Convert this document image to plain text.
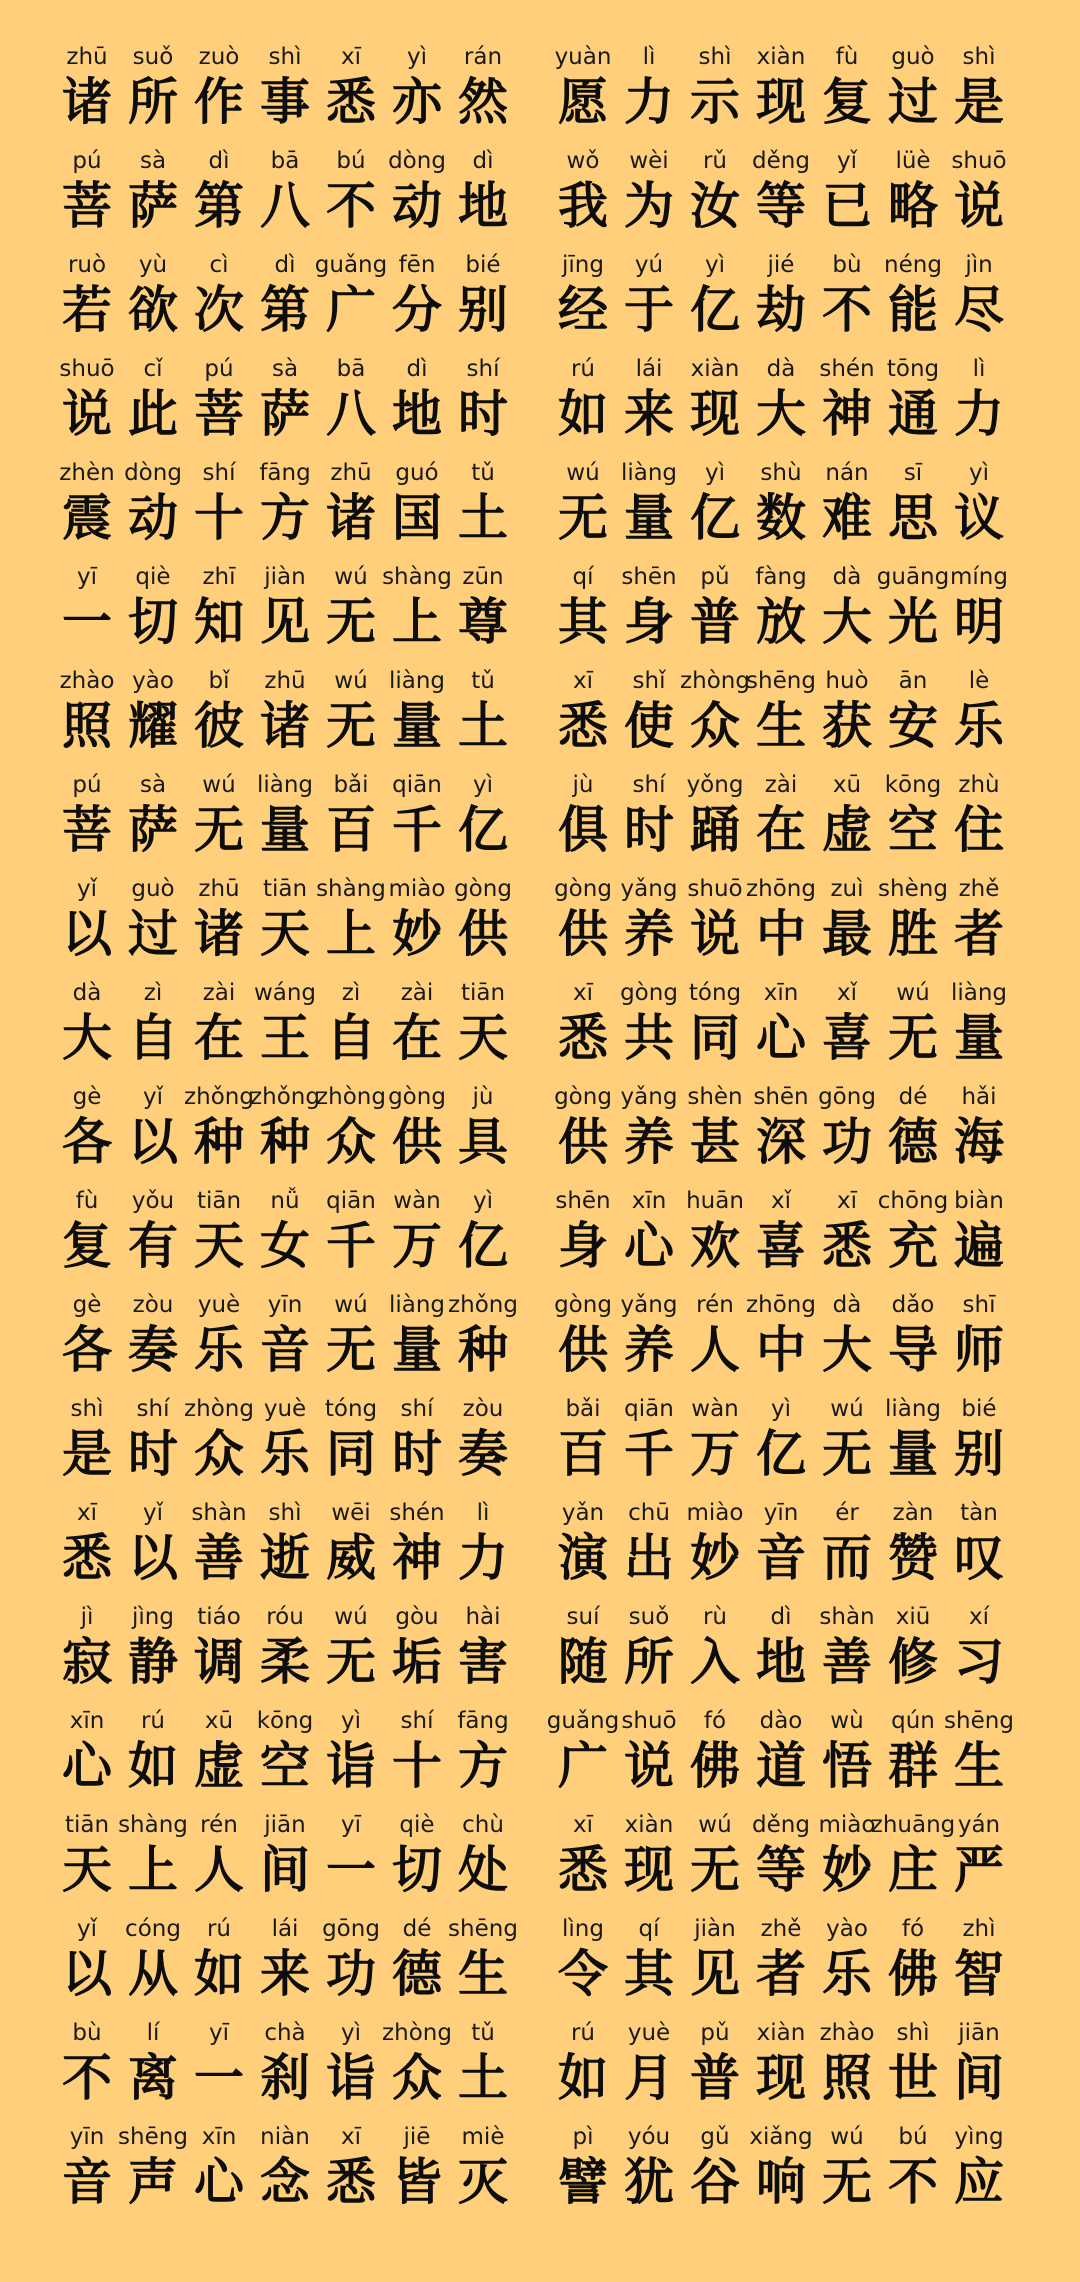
zhū
诸
suǒ
所
zuò
作
shì
事
xī
悉
yì
亦
rán
然
yuàn
愿
lì
力
shì
示
xiàn
现
fù
复
guò
过
shì
是
pú
菩
sà
萨
dì
第
bā
八
bú
不
dòng
动
dì
地
wǒ
我
wèi
为
rǔ
汝
děng
等
yǐ
已
lüè
略
shuō
说
ruò
若
yù
欲
cì
次
dì
第
guǎng
广
fēn
分
bié
别
jīng
经
yú
于
yì
亿
jié
劫
bù
不
néng
能
jìn
尽
shuō
说
cǐ
此
pú
菩
sà
萨
bā
八
dì
地
shí
时
rú
如
lái
来
xiàn
现
dà
大
shén
神
tōng
通
lì
力
zhèn
震
dòng
动
shí
十
fāng
方
zhū
诸
guó
国
tǔ
土
wú
无
liàng
量
yì
亿
shù
数
nán
难
sī
思
yì
议
yī
一
qiè
切
zhī
知
jiàn
见
wú
无
shàng
上
zūn
尊
qí
其
shēn
身
pǔ
普
fàng
放
dà
大
guāng
光
míng
明
zhào
照
yào
耀
bǐ
彼
zhū
诸
wú
无
liàng
量
tǔ
土
xī
悉
shǐ
使
zhòng
众
shēng
生
huò
获
ān
安
lè
乐
pú
菩
sà
萨
wú
无
liàng
量
bǎi
百
qiān
千
yì
亿
jù
俱
shí
时
yǒng
踊
zài
在
xū
虚
kōng
空
zhù
住
yǐ
以
guò
过
zhū
诸
tiān
天
shàng
上
miào
妙
gòng
供
gòng
供
yǎng
养
shuō
说
zhōng
中
zuì
最
shèng
胜
zhě
者
dà
大
zì
自
zài
在
wáng
王
zì
自
zài
在
tiān
天
xī
悉
gòng
共
tóng
同
xīn
心
xǐ
喜
wú
无
liàng
量
gè
各
yǐ
以
zhǒng
种
zhǒng
种
zhòng
众
gòng
供
jù
具
gòng
供
yǎng
养
shèn
甚
shēn
深
gōng
功
dé
德
hǎi
海
fù
复
yǒu
有
tiān
天
nǚ
女
qiān
千
wàn
万
yì
亿
shēn
身
xīn
心
huān
欢
xǐ
喜
xī
悉
chōng
充
biàn
遍
gè
各
zòu
奏
yuè
乐
yīn
音
wú
无
liàng
量
zhǒng
种
gòng
供
yǎng
养
rén
人
zhōng
中
dà
大
dǎo
导
shī
师
shì
是
shí
时
zhòng
众
yuè
乐
tóng
同
shí
时
zòu
奏
bǎi
百
qiān
千
wàn
万
yì
亿
wú
无
liàng
量
bié
别
xī
悉
yǐ
以
shàn
善
shì
逝
wēi
威
shén
神
lì
力
yǎn
演
chū
出
miào
妙
yīn
音
ér
而
zàn
赞
tàn
叹
jì
寂
jìng
静
tiáo
调
róu
柔
wú
无
gòu
垢
hài
害
suí
随
suǒ
所
rù
入
dì
地
shàn
善
xiū
修
xí
习
xīn
心
rú
如
xū
虚
kōng
空
yì
诣
shí
十
fāng
方
guǎng
广
shuō
说
fó
佛
dào
道
wù
悟
qún
群
shēng
生
tiān
天
shàng
上
rén
人
jiān
间
yī
一
qiè
切
chù
处
xī
悉
xiàn
现
wú
无
děng
等
miào
妙
zhuāng
庄
yán
严
yǐ
以
cóng
从
rú
如
lái
来
gōng
功
dé
德
shēng
生
lìng
令
qí
其
jiàn
见
zhě
者
yào
乐
fó
佛
zhì
智
bù
不
lí
离
yī
一
chà
刹
yì
诣
zhòng
众
tǔ
土
rú
如
yuè
月
pǔ
普
xiàn
现
zhào
照
shì
世
jiān
间
yīn
音
shēng
声
xīn
心
niàn
念
xī
悉
jiē
皆
miè
灭
pì
譬
yóu
犹
gǔ
谷
xiǎng
响
wú
无
bú
不
yìng
应
